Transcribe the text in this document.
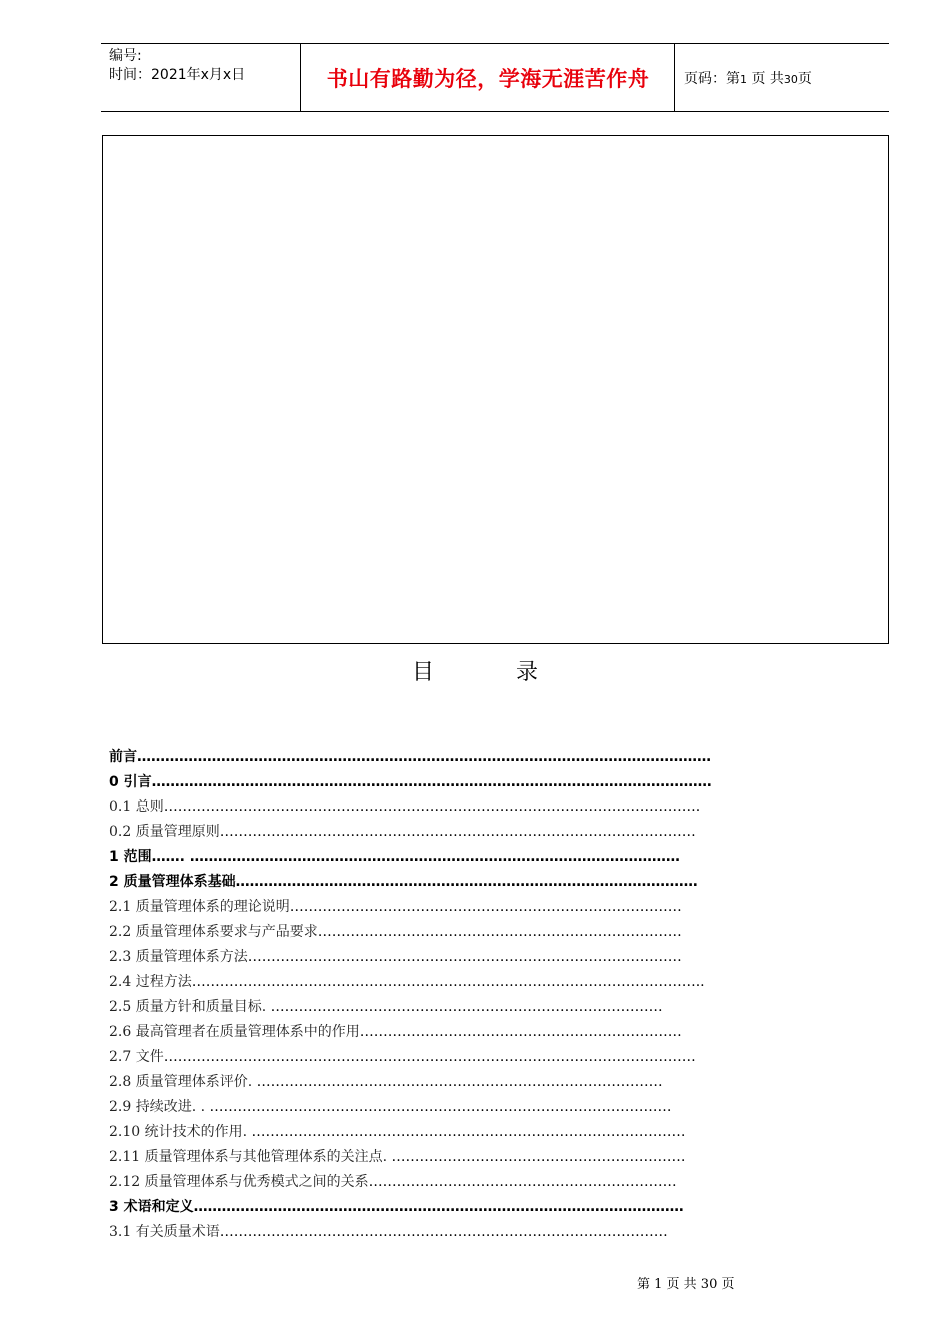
编号:
时间：2021年x月x日	书山有路勤为径，学海无涯苦作舟	页码：第1 页 共30页
目	录
前言……………………………………………………………………………………………………………
0 引言…………………………………………………………………………………………………………
0.1 总则…………………………………………………………………………………………………….
0.2 质量管理原则…………………………………………………………………………………………
1 范围……. ……………………………………………………………………………………………
2 质量管理体系基础………………………………………………………………………………………
2.1 质量管理体系的理论说明…………………………………………………………………………
2.2 质量管理体系要求与产品要求……………………………………………………………………
2.3 质量管理体系方法…………………………………………………………………………………
2.4 过程方法………………………………………………………………………………………………..
2.5 质量方针和质量目标. …………………………………………………………………………
2.6 最高管理者在质量管理体系中的作用……………………………………………………………
2.7 文件……………………………………………………………………………………………………
2.8 质量管理体系评价. ……………………………………………………………………………
2.9 持续改进. . ………………………………………………………………………………………
2.10 统计技术的作用. …………………………………………………………………………………
2.11 质量管理体系与其他管理体系的关注点. ………………………………………………………
2.12 质量管理体系与优秀模式之间的关系…………………………………………………………
3 术语和定义……………………………………………………………………………………………
3.1 有关质量术语……………………………………………………………………………………
第 1 页 共 30 页
